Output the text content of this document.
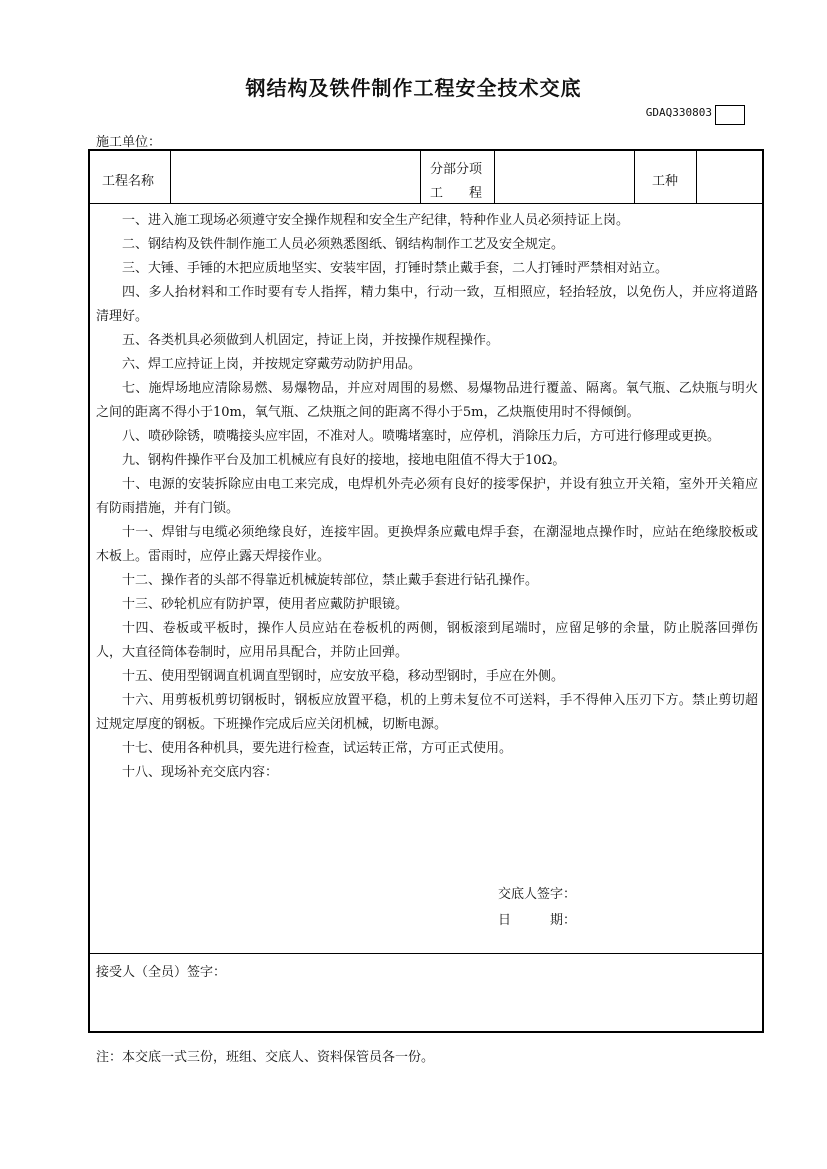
钢结构及铁件制作工程安全技术交底
GDAQ330803
施工单位：
工程名称
分部分项
工　　程
工种

一、进入施工现场必须遵守安全操作规程和安全生产纪律，特种作业人员必须持证上岗。

二、钢结构及铁件制作施工人员必须熟悉图纸、钢结构制作工艺及安全规定。

三、大锤、手锤的木把应质地坚实、安装牢固，打锤时禁止戴手套，二人打锤时严禁相对站立。

四、多人抬材料和工作时要有专人指挥，精力集中，行动一致，互相照应，轻抬轻放，以免伤人，并应将道路清理好。

五、各类机具必须做到人机固定，持证上岗，并按操作规程操作。

六、焊工应持证上岗，并按规定穿戴劳动防护用品。

七、施焊场地应清除易燃、易爆物品，并应对周围的易燃、易爆物品进行覆盖、隔离。氧气瓶、乙炔瓶与明火之间的距离不得小于10m，氧气瓶、乙炔瓶之间的距离不得小于5m，乙炔瓶使用时不得倾倒。

八、喷砂除锈，喷嘴接头应牢固，不准对人。喷嘴堵塞时，应停机，消除压力后，方可进行修理或更换。

九、钢构件操作平台及加工机械应有良好的接地，接地电阻值不得大于10Ω。

十、电源的安装拆除应由电工来完成，电焊机外壳必须有良好的接零保护，并设有独立开关箱，室外开关箱应有防雨措施，并有门锁。

十一、焊钳与电缆必须绝缘良好，连接牢固。更换焊条应戴电焊手套，在潮湿地点操作时，应站在绝缘胶板或木板上。雷雨时，应停止露天焊接作业。

十二、操作者的头部不得靠近机械旋转部位，禁止戴手套进行钻孔操作。

十三、砂轮机应有防护罩，使用者应戴防护眼镜。

十四、卷板或平板时，操作人员应站在卷板机的两侧，钢板滚到尾端时，应留足够的余量，防止脱落回弹伤人，大直径筒体卷制时，应用吊具配合，并防止回弹。

十五、使用型钢调直机调直型钢时，应安放平稳，移动型钢时，手应在外侧。

十六、用剪板机剪切钢板时，钢板应放置平稳，机的上剪未复位不可送料，手不得伸入压刃下方。禁止剪切超过规定厚度的钢板。下班操作完成后应关闭机械，切断电源。

十七、使用各种机具，要先进行检查，试运转正常，方可正式使用。

十八、现场补充交底内容：

交底人签字：
日　　　期：
接受人（全员）签字：
注：本交底一式三份，班组、交底人、资料保管员各一份。
